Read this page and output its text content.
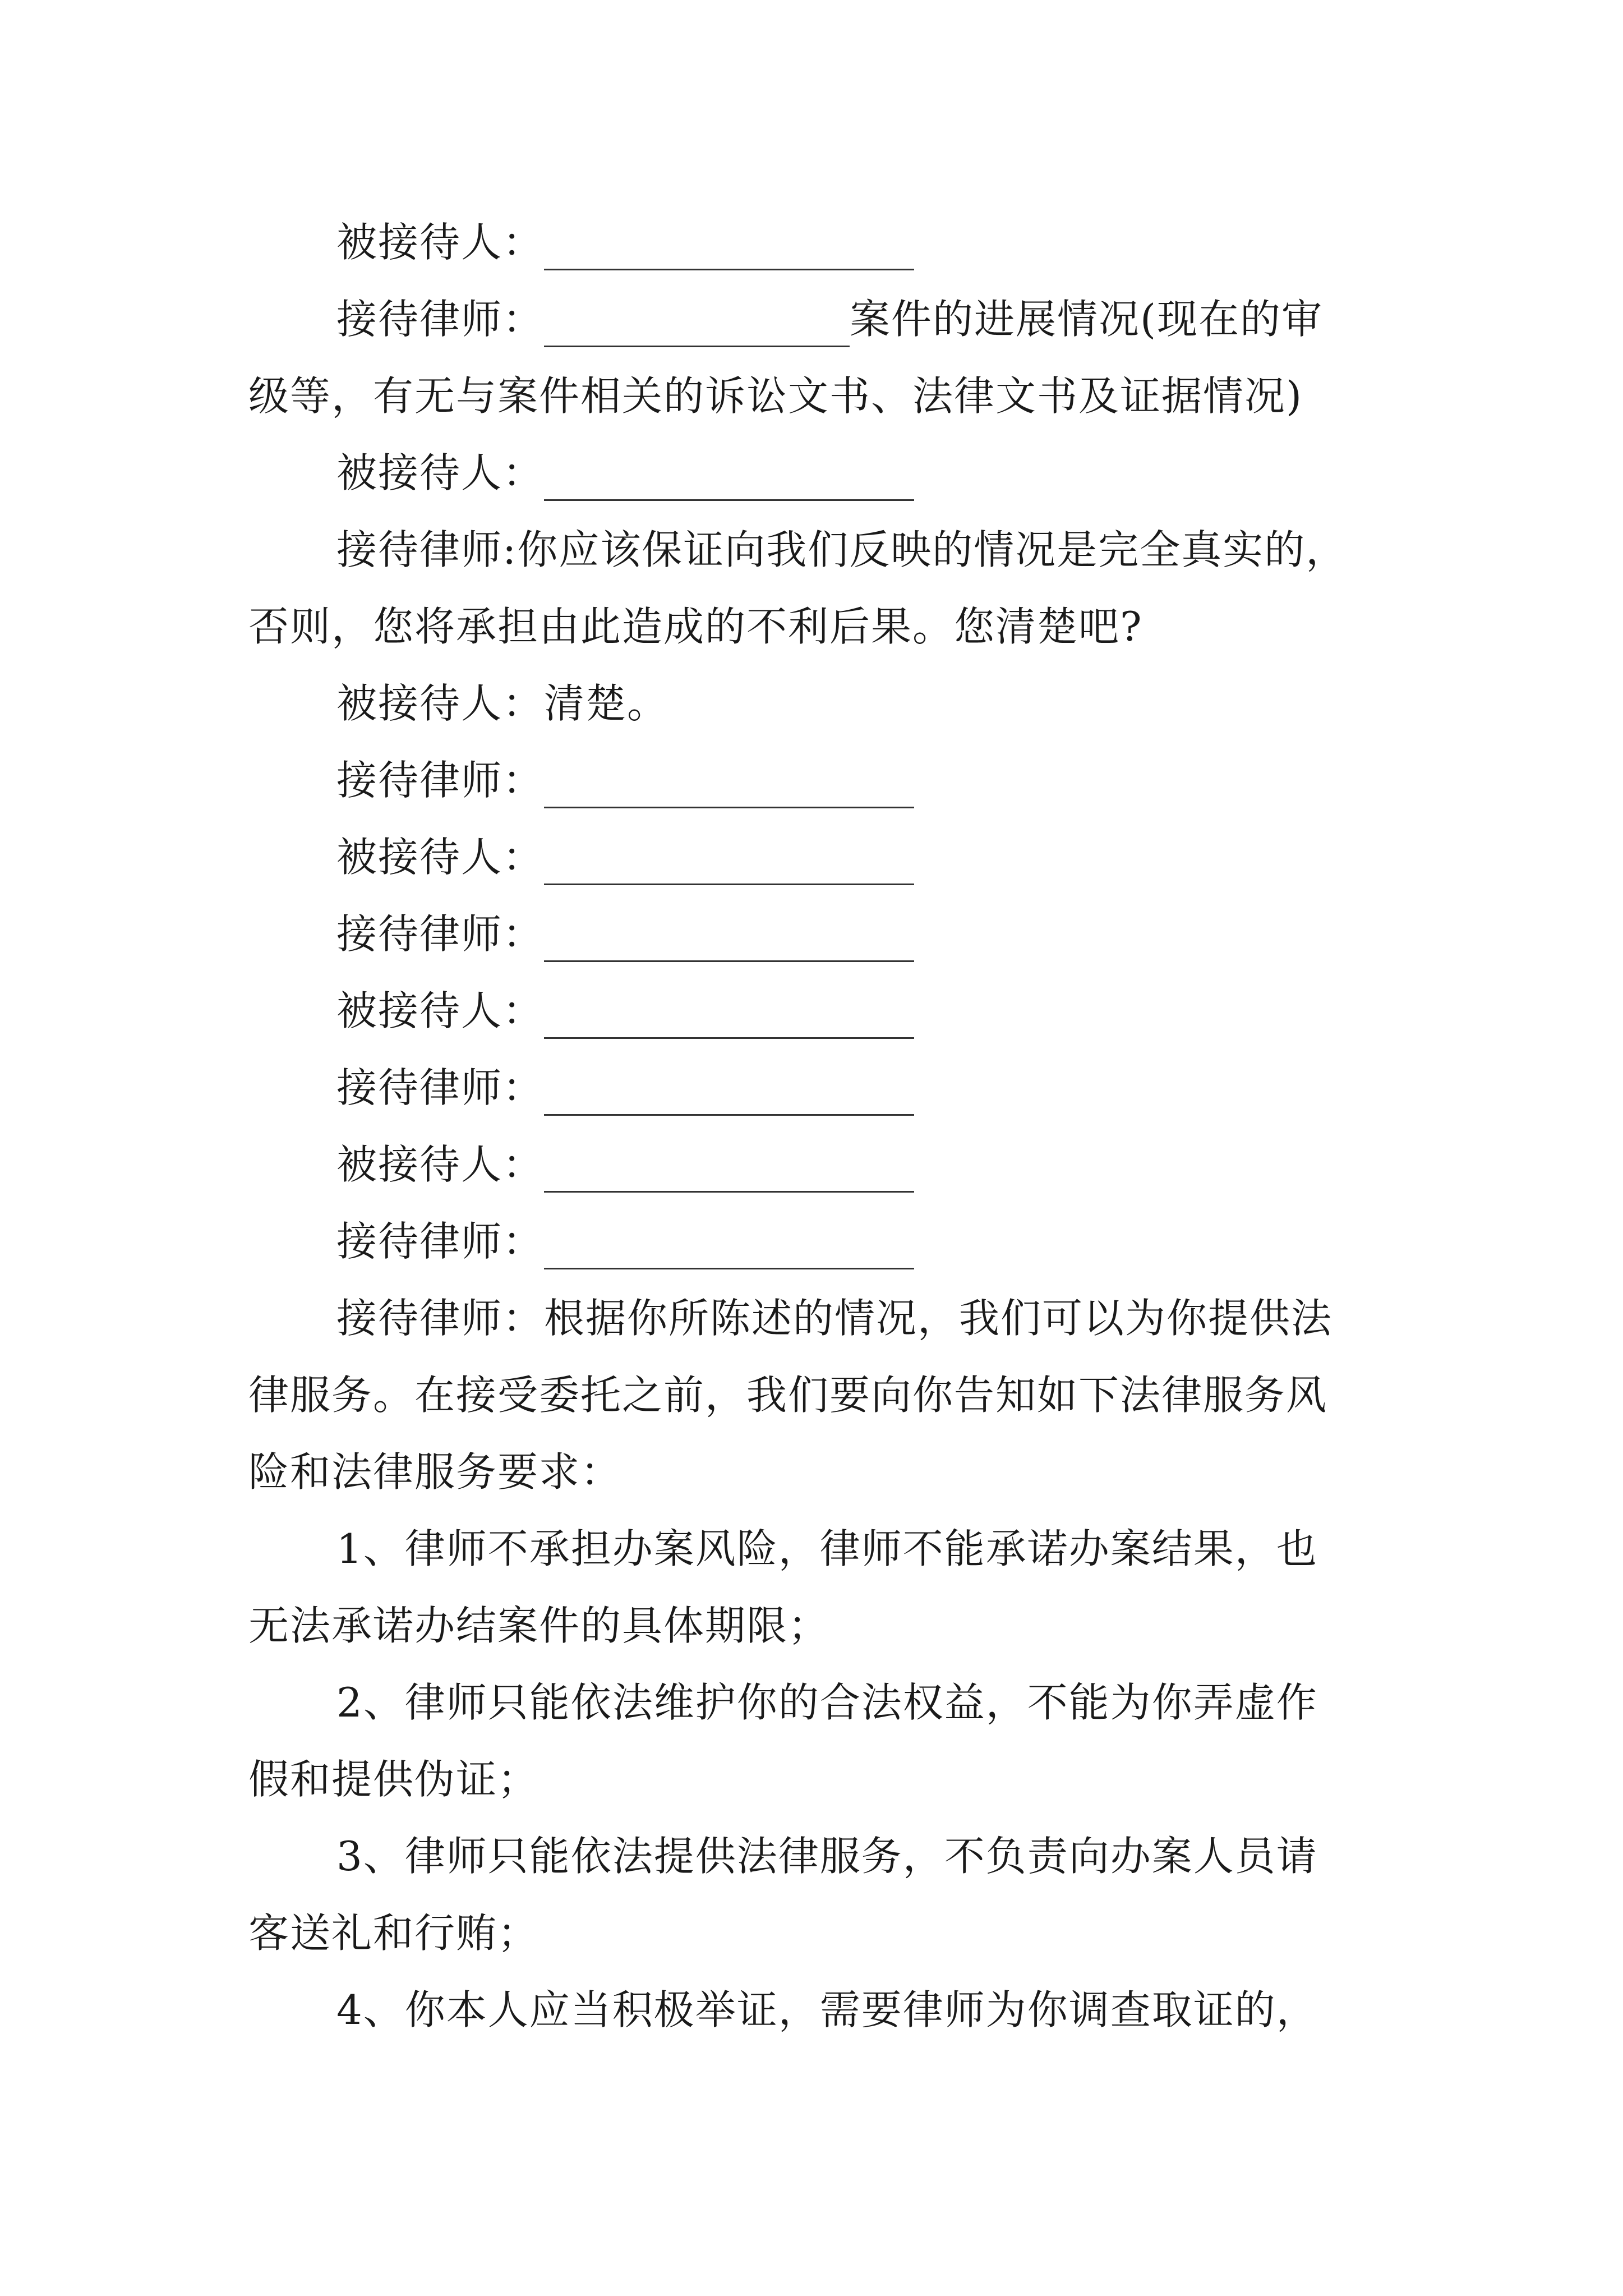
被接待人：
接待律师：	案件的进展情况(现在的审
级等，有无与案件相关的诉讼文书、法律文书及证据情况)
被接待人：
接待律师:你应该保证向我们反映的情况是完全真实的，
否则，您将承担由此造成的不利后果。您清楚吧?
被接待人：清楚。
接待律师：
被接待人：
接待律师：
被接待人：
接待律师：
被接待人：
接待律师：
接待律师：根据你所陈述的情况，我们可以为你提供法
律服务。在接受委托之前，我们要向你告知如下法律服务风
险和法律服务要求：
1、律师不承担办案风险，律师不能承诺办案结果，也
无法承诺办结案件的具体期限；
2、律师只能依法维护你的合法权益，不能为你弄虚作
假和提供伪证；
3、律师只能依法提供法律服务，不负责向办案人员请
客送礼和行贿；
4、你本人应当积极举证，需要律师为你调查取证的，
